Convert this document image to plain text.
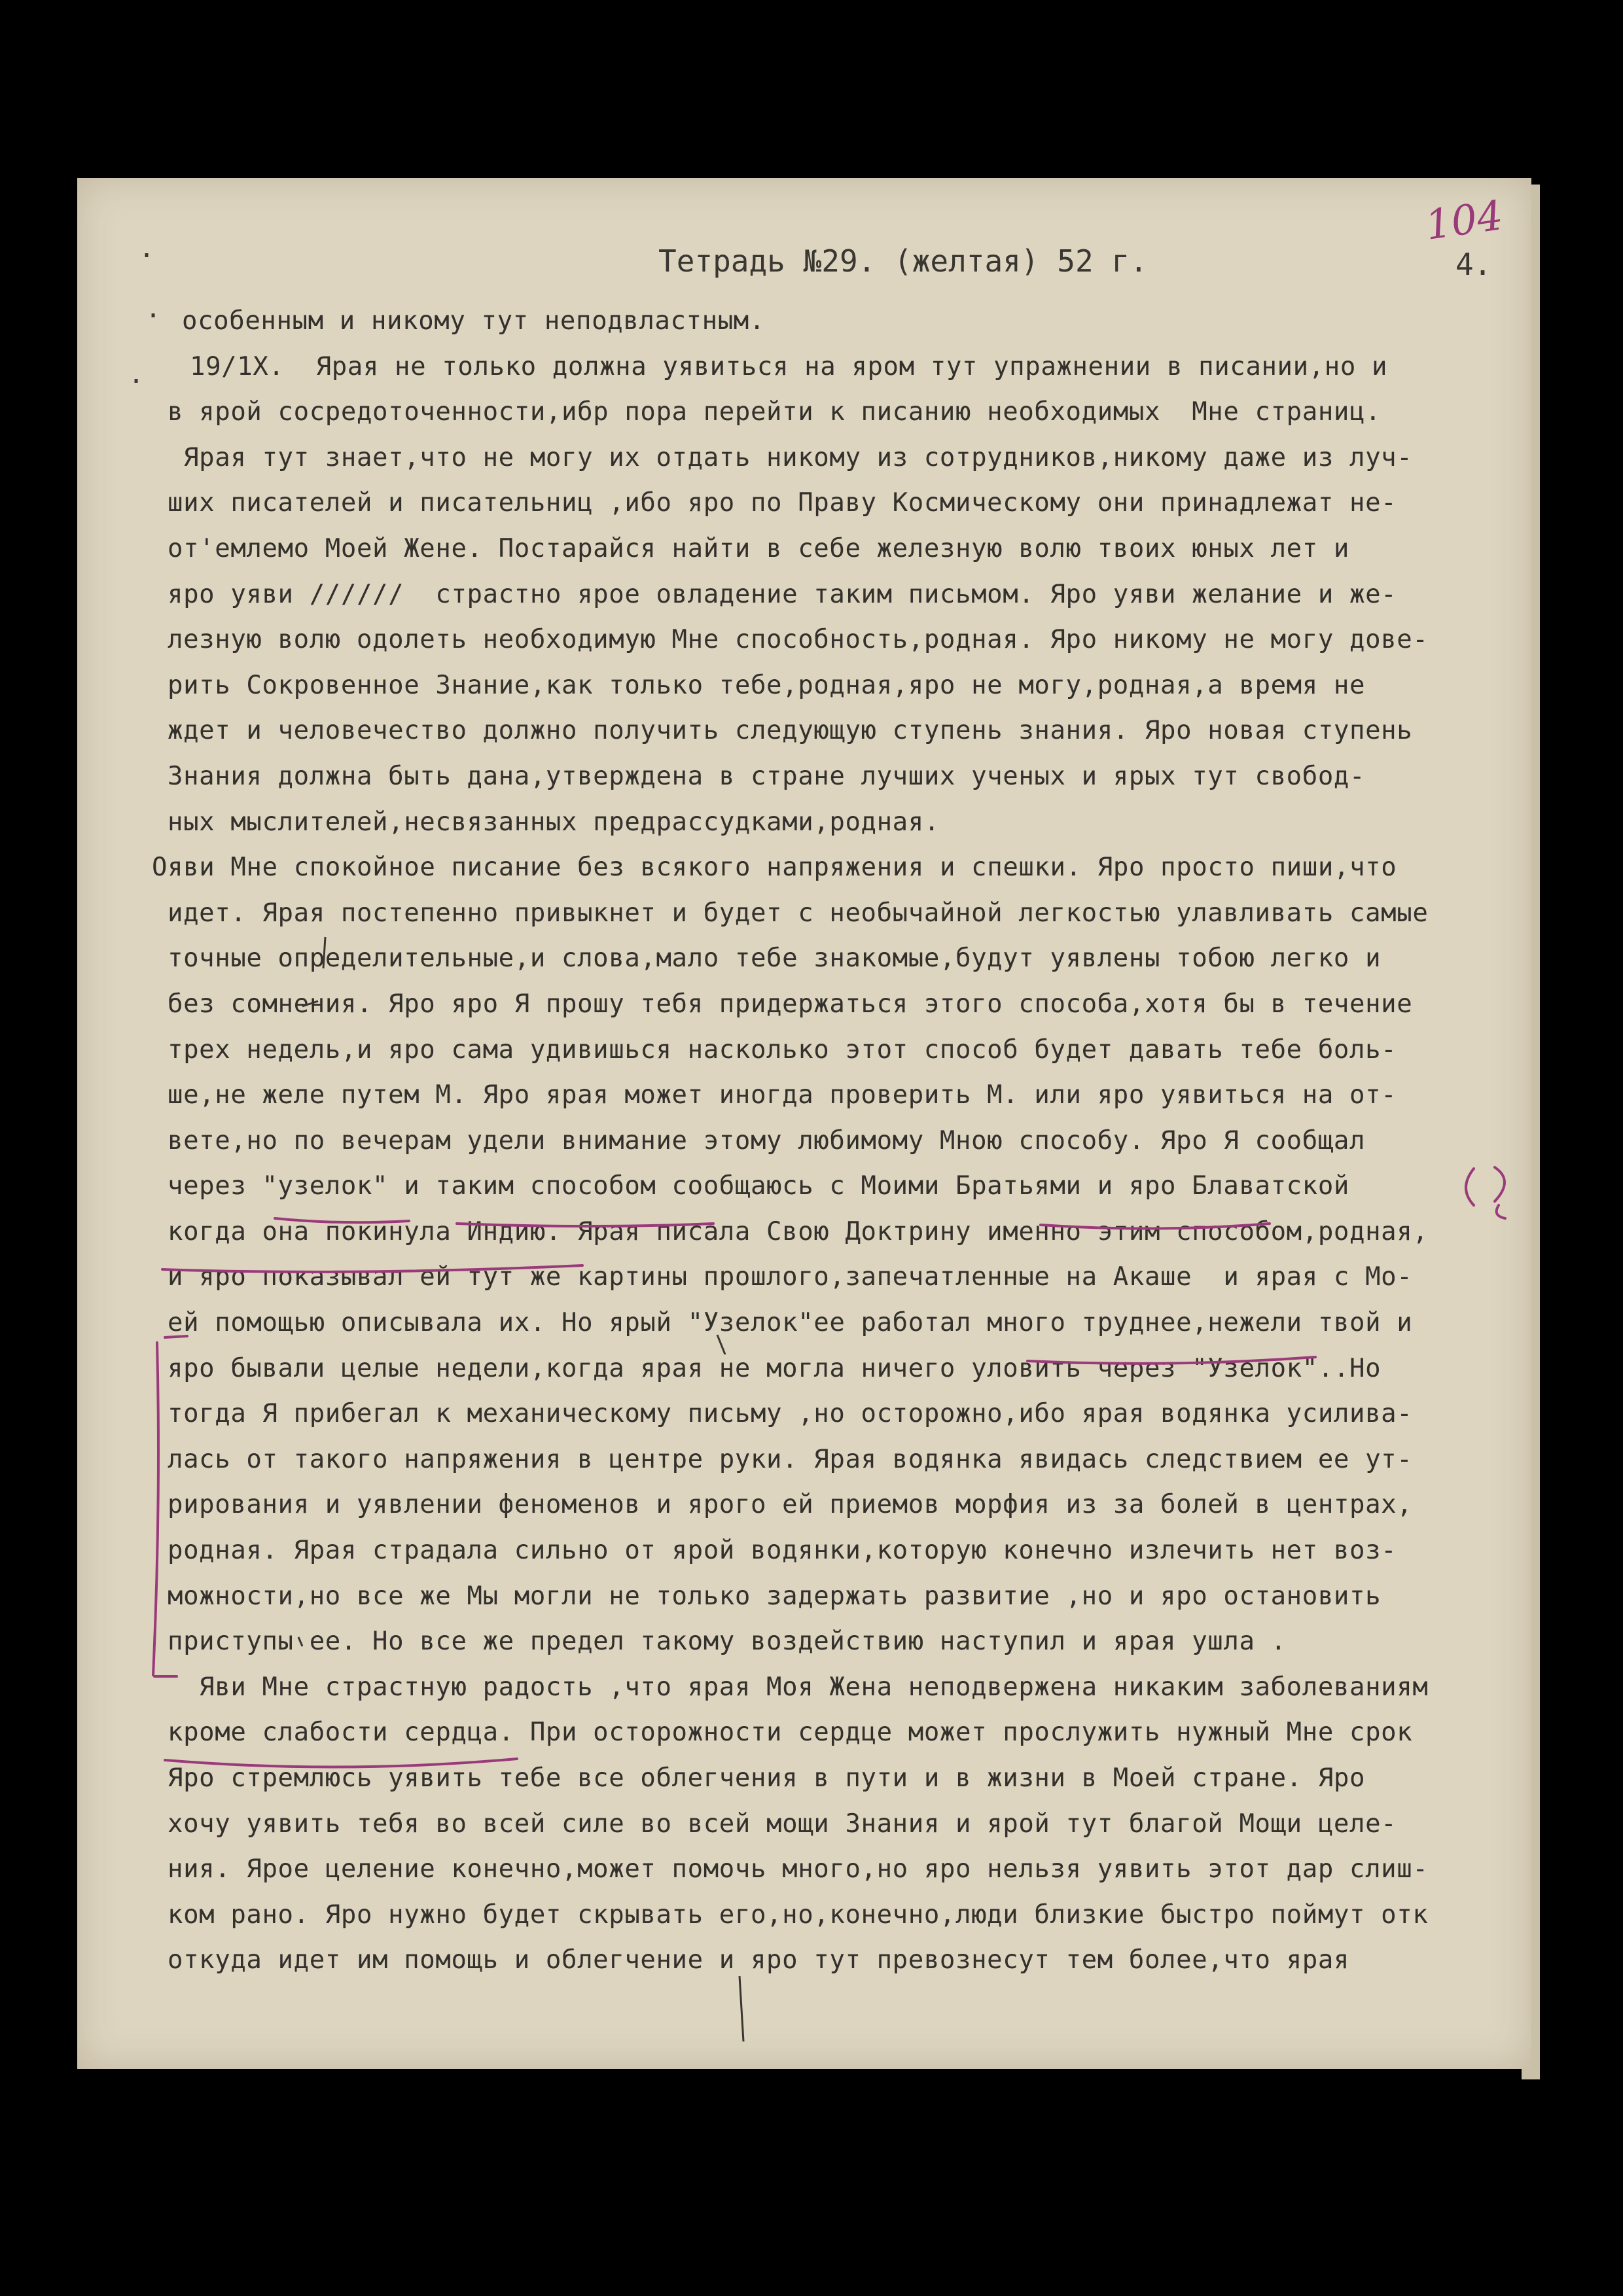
104
Тетрадь №29. (желтая) 52 г.	4.
·
·
·
особенным и никому тут неподвластным.
19/1Х.  Ярая не только должна уявиться на яром тут упражнении в писании,но и
в ярой сосредоточенности,ибр пора перейти к писанию необходимых  Мне страниц.
Ярая тут знает,что не могу их отдать никому из сотрудников,никому даже из луч-
ших писателей и писательниц ,ибо яро по Праву Космическому они принадлежат не-
от'емлемо Моей Жене. Постарайся найти в себе железную волю твоих юных лет и
яро уяви //////  страстно ярое овладение таким письмом. Яро уяви желание и же-
лезную волю одолеть необходимую Мне способность,родная. Яро никому не могу дове-
рить Сокровенное Знание,как только тебе,родная,яро не могу,родная,а время не
ждет и человечество должно получить следующую ступень знания. Яро новая ступень
Знания должна быть дана,утверждена в стране лучших ученых и ярых тут свобод-
ных мыслителей,несвязанных предрассудками,родная.
Ояви Мне спокойное писание без всякого напряжения и спешки. Яро просто пиши,что
идет. Ярая постепенно привыкнет и будет с необычайной легкостью улавливать самые
точные определительные,и слова,мало тебе знакомые,будут уявлены тобою легко и
без сомнения. Яро яро Я прошу тебя придержаться этого способа,хотя бы в течение
трех недель,и яро сама удивишься насколько этот способ будет давать тебе боль-
ше,не желе путем М. Яро ярая может иногда проверить М. или яро уявиться на от-
вете,но по вечерам удели внимание этому любимому Мною способу. Яро Я сообщал
через "узелок" и таким способом сообщаюсь с Моими Братьями и яро Блаватской
когда она покинула Индию. Ярая писала Свою Доктрину именно этим способом,родная,
и яро показывал ей тут же картины прошлого,запечатленные на Акаше  и ярая с Мо-
ей помощью описывала их. Но ярый "Узелок"ее работал много труднее,нежели твой и
яро бывали целые недели,когда ярая не могла ничего уловить через "Узелок"..Но
тогда Я прибегал к механическому письму ,но осторожно,ибо ярая водянка усилива-
лась от такого напряжения в центре руки. Ярая водянка явидась следствием ее ут-
рирования и уявлении феноменов и ярого ей приемов морфия из за болей в центрах,
родная. Ярая страдала сильно от ярой водянки,которую конечно излечить нет воз-
можности,но все же Мы могли не только задержать развитие ,но и яро остановить
приступы ее. Но все же предел такому воздействию наступил и ярая ушла .
Яви Мне страстную радость ,что ярая Моя Жена неподвержена никаким заболеваниям
кроме слабости сердца. При осторожности сердце может прослужить нужный Мне срок
Яро стремлюсь уявить тебе все облегчения в пути и в жизни в Моей стране. Яро
хочу уявить тебя во всей силе во всей мощи Знания и ярой тут благой Мощи целе-
ния. Ярое целение конечно,может помочь много,но яро нельзя уявить этот дар слиш-
ком рано. Яро нужно будет скрывать его,но,конечно,люди близкие быстро поймут отк
откуда идет им помощь и облегчение и яро тут превознесут тем более,что ярая
